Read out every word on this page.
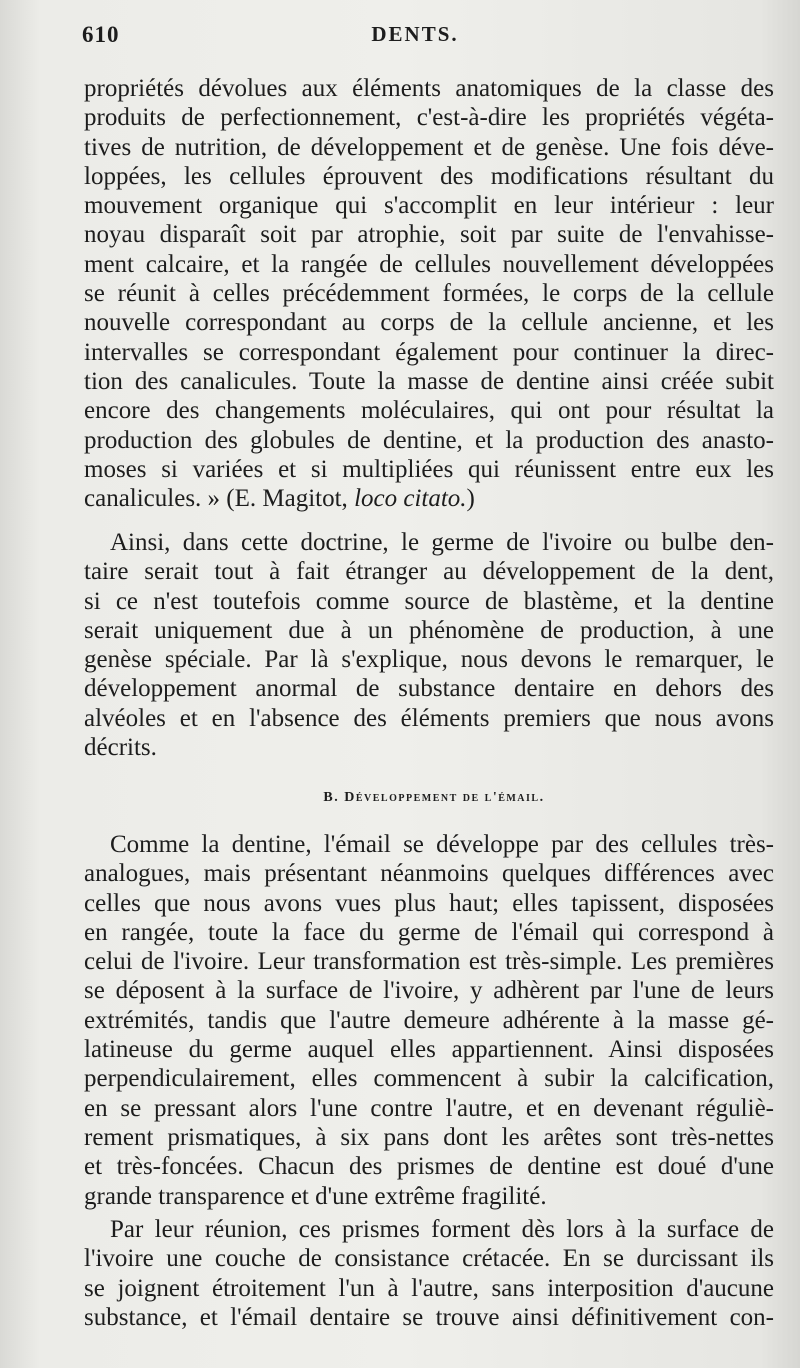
610	DENTS.
propriétés dévolues aux éléments anatomiques de la classe des
produits de perfectionnement, c'est-à-dire les propriétés végéta-
tives de nutrition, de développement et de genèse. Une fois déve-
loppées, les cellules éprouvent des modifications résultant du
mouvement organique qui s'accomplit en leur intérieur : leur
noyau disparaît soit par atrophie, soit par suite de l'envahisse-
ment calcaire, et la rangée de cellules nouvellement développées
se réunit à celles précédemment formées, le corps de la cellule
nouvelle correspondant au corps de la cellule ancienne, et les
intervalles se correspondant également pour continuer la direc-
tion des canalicules. Toute la masse de dentine ainsi créée subit
encore des changements moléculaires, qui ont pour résultat la
production des globules de dentine, et la production des anasto-
moses si variées et si multipliées qui réunissent entre eux les
canalicules. » (E. Magitot, loco citato.)
Ainsi, dans cette doctrine, le germe de l'ivoire ou bulbe den-
taire serait tout à fait étranger au développement de la dent,
si ce n'est toutefois comme source de blastème, et la dentine
serait uniquement due à un phénomène de production, à une
genèse spéciale. Par là s'explique, nous devons le remarquer, le
développement anormal de substance dentaire en dehors des
alvéoles et en l'absence des éléments premiers que nous avons
décrits.
B. Développement de l'émail.
Comme la dentine, l'émail se développe par des cellules très-
analogues, mais présentant néanmoins quelques différences avec
celles que nous avons vues plus haut; elles tapissent, disposées
en rangée, toute la face du germe de l'émail qui correspond à
celui de l'ivoire. Leur transformation est très-simple. Les premières
se déposent à la surface de l'ivoire, y adhèrent par l'une de leurs
extrémités, tandis que l'autre demeure adhérente à la masse gé-
latineuse du germe auquel elles appartiennent. Ainsi disposées
perpendiculairement, elles commencent à subir la calcification,
en se pressant alors l'une contre l'autre, et en devenant réguliè-
rement prismatiques, à six pans dont les arêtes sont très-nettes
et très-foncées. Chacun des prismes de dentine est doué d'une
grande transparence et d'une extrême fragilité.
Par leur réunion, ces prismes forment dès lors à la surface de
l'ivoire une couche de consistance crétacée. En se durcissant ils
se joignent étroitement l'un à l'autre, sans interposition d'aucune
substance, et l'émail dentaire se trouve ainsi définitivement con-
